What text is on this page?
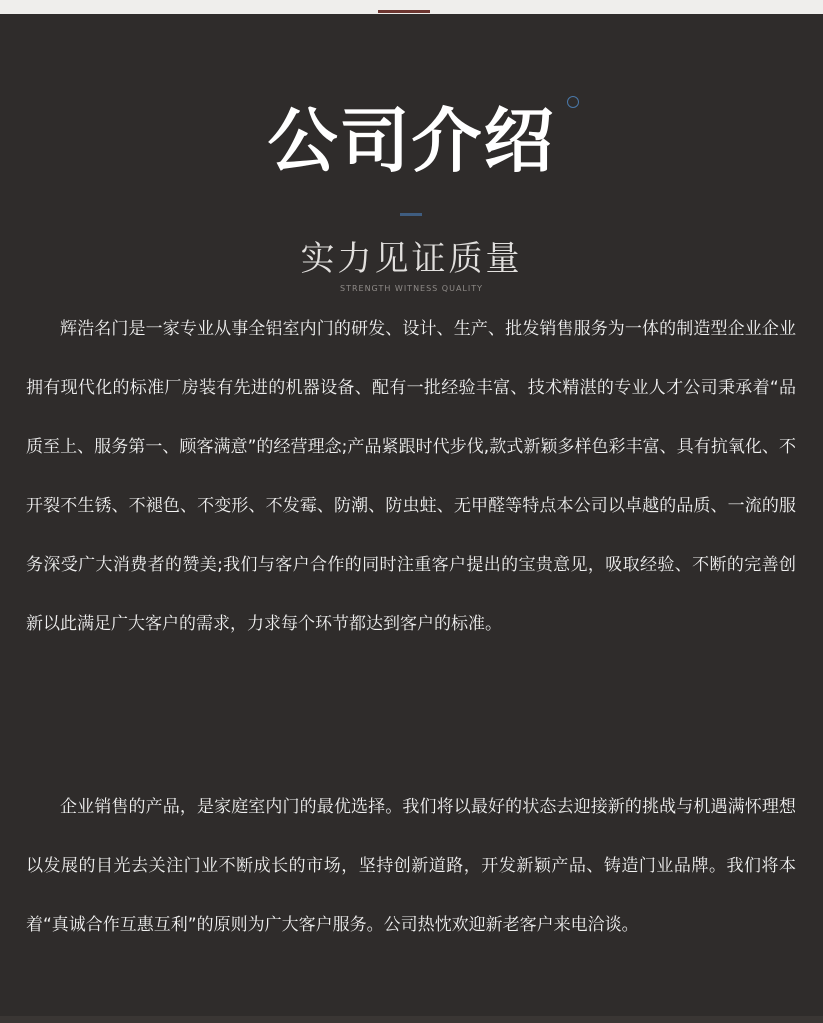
公司介绍
实力见证质量
STRENGTH WITNESS QUALITY

辉浩名门是一家专业从事全铝室内门的研发、设计、生产、批发销售服务为一体的制造型企业企业拥有现代化的标准厂房装有先进的机器设备、配有一批经验丰富、技术精湛的专业人才公司秉承着“品质至上、服务第一、顾客满意”的经营理念;产品紧跟时代步伐,款式新颖多样色彩丰富、具有抗氧化、不开裂不生锈、不褪色、不变形、不发霉、防潮、防虫蛀、无甲醛等特点本公司以卓越的品质、一流的服务深受广大消费者的赞美;我们与客户合作的同时注重客户提出的宝贵意见，吸取经验、不断的完善创新以此满足广大客户的需求，力求每个环节都达到客户的标准。

企业销售的产品，是家庭室内门的最优选择。我们将以最好的状态去迎接新的挑战与机遇满怀理想以发展的目光去关注门业不断成长的市场，坚持创新道路，开发新颖产品、铸造门业品牌。我们将本着“真诚合作互惠互利”的原则为广大客户服务。公司热忱欢迎新老客户来电洽谈。
